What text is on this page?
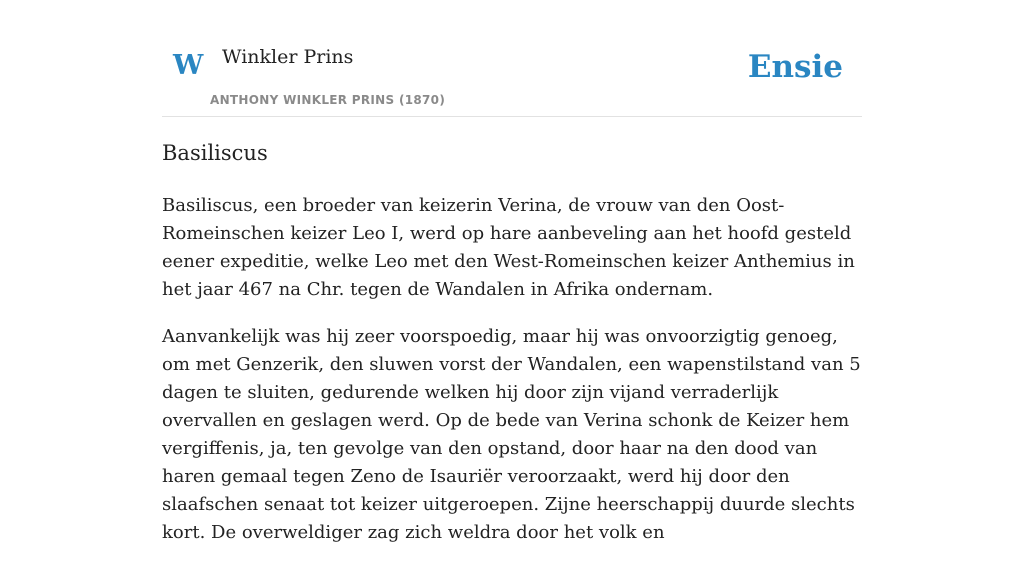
W Winkler Prins
ANTHONY WINKLER PRINS (1870)
Ensie
Basiliscus

Basiliscus, een broeder van keizerin Verina, de vrouw van den Oost-Romeinschen keizer Leo I, werd op hare aanbeveling aan het hoofd gesteld eener expeditie, welke Leo met den West-Romeinschen keizer Anthemius in het jaar 467 na Chr. tegen de Wandalen in Afrika ondernam.

Aanvankelijk was hij zeer voorspoedig, maar hij was onvoorzigtig genoeg, om met Genzerik, den sluwen vorst der Wandalen, een wapenstilstand van 5 dagen te sluiten, gedurende welken hij door zijn vijand verraderlijk overvallen en geslagen werd. Op de bede van Verina schonk de Keizer hem vergiffenis, ja, ten gevolge van den opstand, door haar na den dood van haren gemaal tegen Zeno de Isauriër veroorzaakt, werd hij door den slaafschen senaat tot keizer uitgeroepen. Zijne heerschappij duurde slechts kort. De overweldiger zag zich weldra door het volk en
